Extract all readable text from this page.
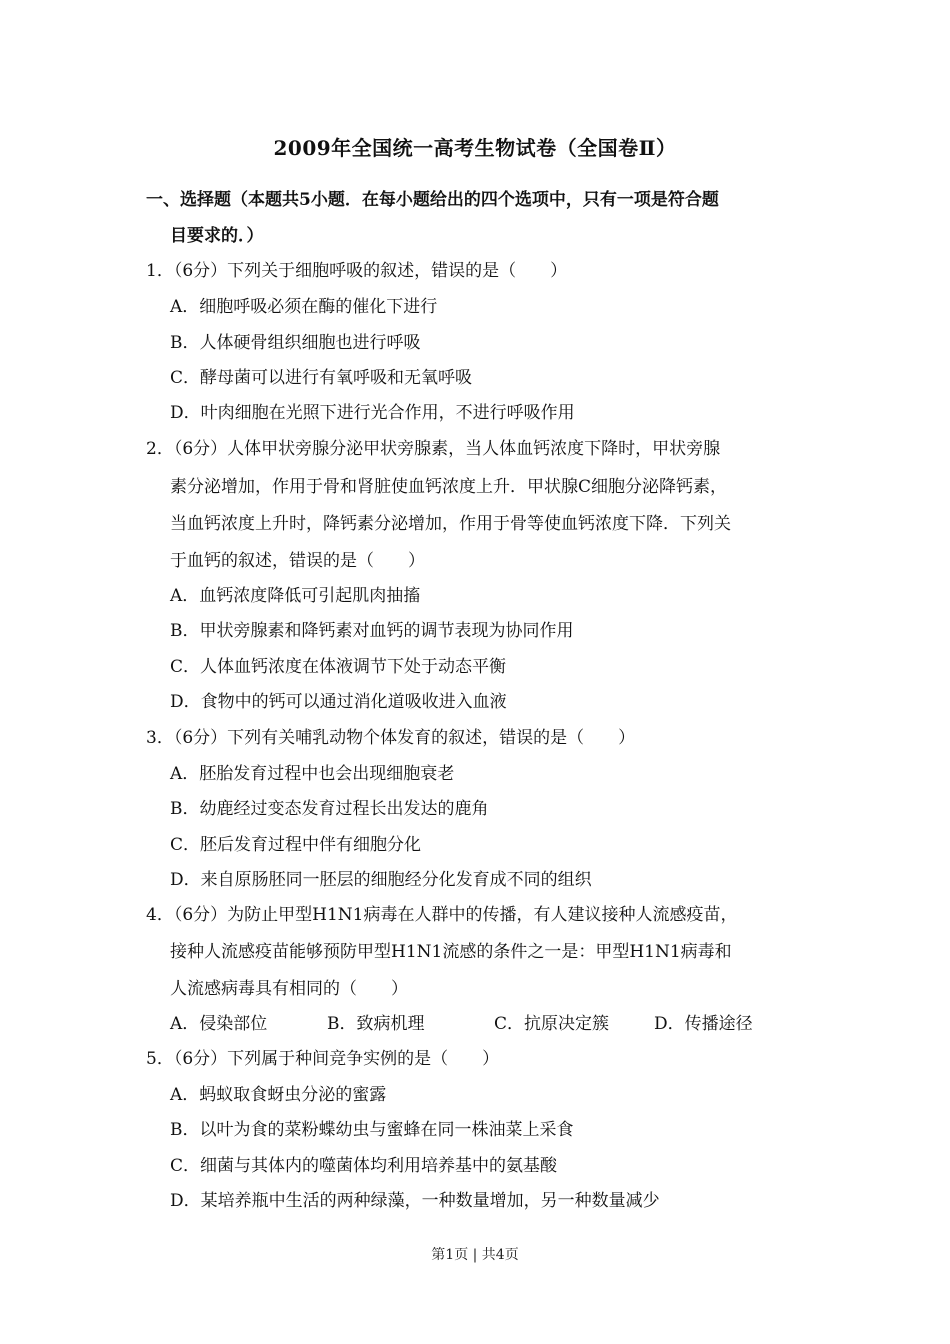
2009年全国统一高考生物试卷（全国卷Ⅱ）
一、选择题（本题共5小题．在每小题给出的四个选项中，只有一项是符合题
目要求的．）
1．（6分）下列关于细胞呼吸的叙述，错误的是（　　）
A．细胞呼吸必须在酶的催化下进行
B．人体硬骨组织细胞也进行呼吸
C．酵母菌可以进行有氧呼吸和无氧呼吸
D．叶肉细胞在光照下进行光合作用，不进行呼吸作用
2．（6分）人体甲状旁腺分泌甲状旁腺素，当人体血钙浓度下降时，甲状旁腺
素分泌增加，作用于骨和肾脏使血钙浓度上升．甲状腺C细胞分泌降钙素，
当血钙浓度上升时，降钙素分泌增加，作用于骨等使血钙浓度下降．下列关
于血钙的叙述，错误的是（　　）
A．血钙浓度降低可引起肌肉抽搐
B．甲状旁腺素和降钙素对血钙的调节表现为协同作用
C．人体血钙浓度在体液调节下处于动态平衡
D．食物中的钙可以通过消化道吸收进入血液
3．（6分）下列有关哺乳动物个体发育的叙述，错误的是（　　）
A．胚胎发育过程中也会出现细胞衰老
B．幼鹿经过变态发育过程长出发达的鹿角
C．胚后发育过程中伴有细胞分化
D．来自原肠胚同一胚层的细胞经分化发育成不同的组织
4．（6分）为防止甲型H1N1病毒在人群中的传播，有人建议接种人流感疫苗，
接种人流感疫苗能够预防甲型H1N1流感的条件之一是：甲型H1N1病毒和
人流感病毒具有相同的（　　）
A．侵染部位	B．致病机理	C．抗原决定簇	D．传播途径
5．（6分）下列属于种间竞争实例的是（　　）
A．蚂蚁取食蚜虫分泌的蜜露
B．以叶为食的菜粉蝶幼虫与蜜蜂在同一株油菜上采食
C．细菌与其体内的噬菌体均利用培养基中的氨基酸
D．某培养瓶中生活的两种绿藻，一种数量增加，另一种数量减少
第1页 | 共4页
